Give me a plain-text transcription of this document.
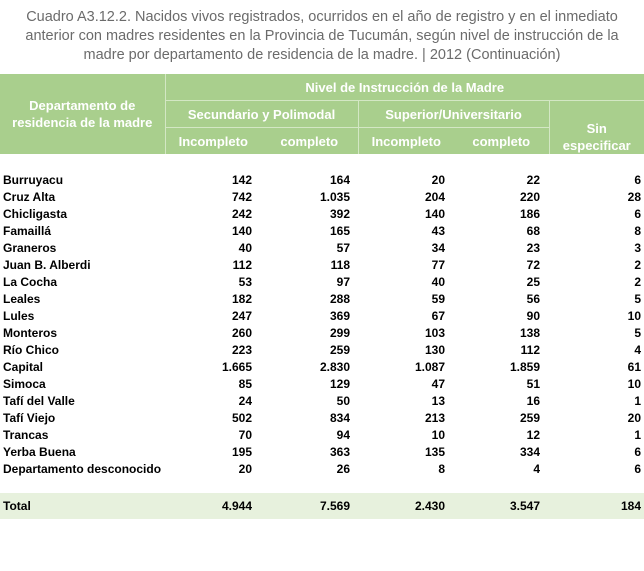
Cuadro A3.12.2. Nacidos vivos registrados, ocurridos en el año de registro y en el inmediato
anterior con madres residentes en la Provincia de Tucumán, según nivel de instrucción de la
madre por departamento de residencia de la madre. | 2012 (Continuación)
Departamento de
residencia de la madre	Nivel de Instrucción de la Madre				
	Secundario y Polimodal		Superior/Universitario		Sin
especificar
	Incompleto	completo	Incompleto	completo	

Burruyacu	142	164	20	22	6
Cruz Alta	742	1.035	204	220	28
Chicligasta	242	392	140	186	6
Famaillá	140	165	43	68	8
Graneros	40	57	34	23	3
Juan B. Alberdi	112	118	77	72	2
La Cocha	53	97	40	25	2
Leales	182	288	59	56	5
Lules	247	369	67	90	10
Monteros	260	299	103	138	5
Río Chico	223	259	130	112	4
Capital	1.665	2.830	1.087	1.859	61
Simoca	85	129	47	51	10
Tafí del Valle	24	50	13	16	1
Tafí Viejo	502	834	213	259	20
Trancas	70	94	10	12	1
Yerba Buena	195	363	135	334	6
Departamento desconocido	20	26	8	4	6

Total	4.944	7.569	2.430	3.547	184
